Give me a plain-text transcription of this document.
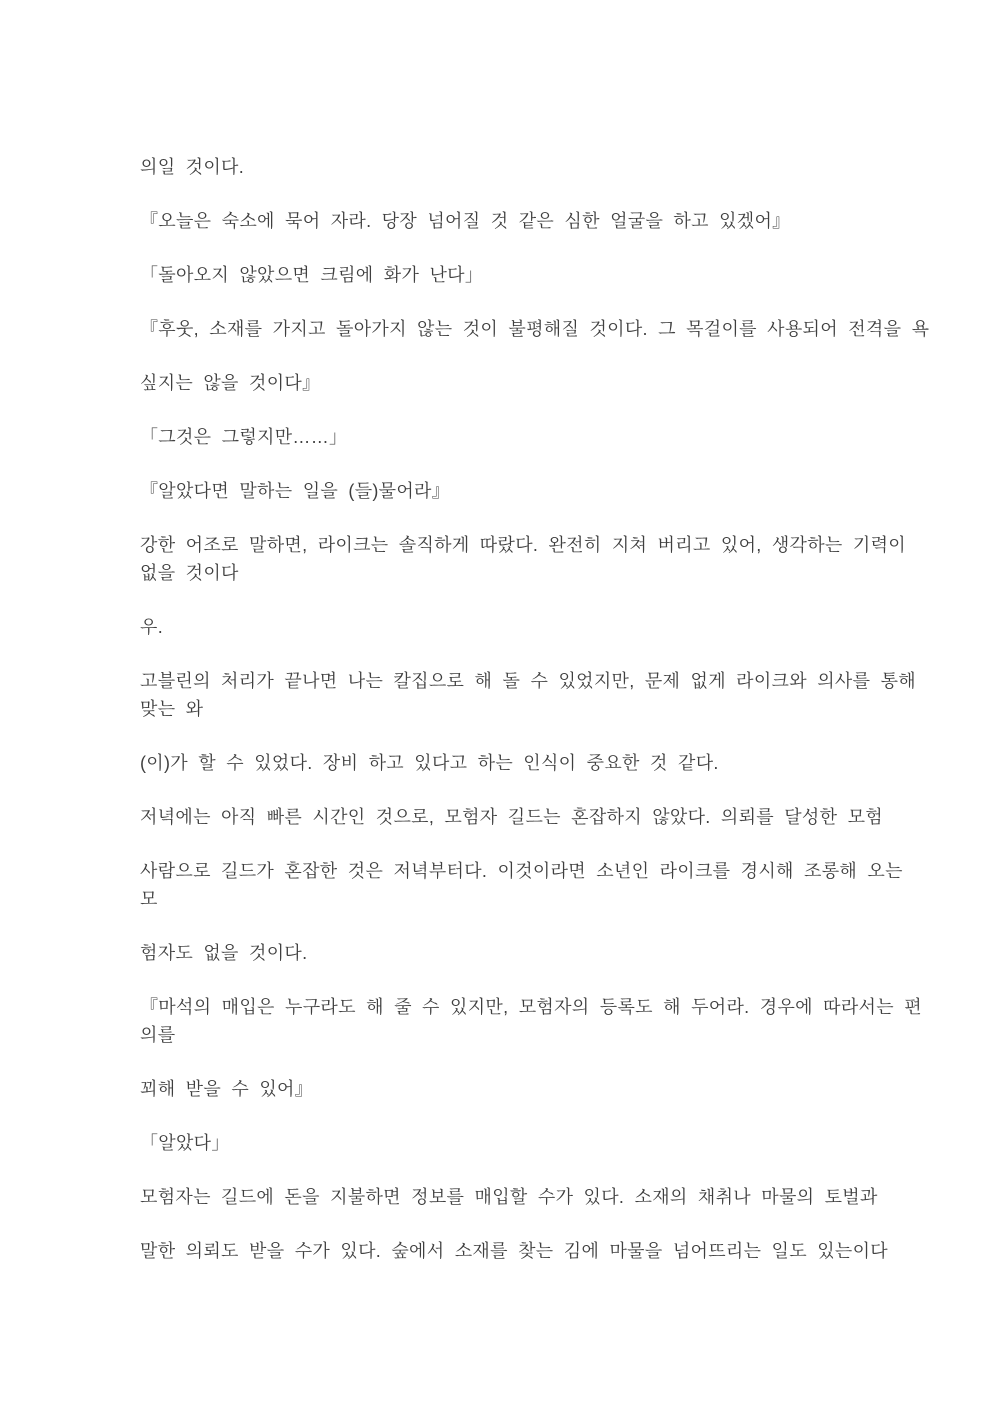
의일 것이다.
『오늘은 숙소에 묵어 자라. 당장 넘어질 것 같은 심한 얼굴을 하고 있겠어』
「돌아오지 않았으면 크림에 화가 난다」
『후웃, 소재를 가지고 돌아가지 않는 것이 불평해질 것이다. 그 목걸이를 사용되어 전격을 욕
싶지는 않을 것이다』
「그것은 그렇지만……」
『알았다면 말하는 일을 (들)물어라』
강한 어조로 말하면, 라이크는 솔직하게 따랐다. 완전히 지쳐 버리고 있어, 생각하는 기력이
없을 것이다
우.
고블린의 처리가 끝나면 나는 칼집으로 해 돌 수 있었지만, 문제 없게 라이크와 의사를 통해
맞는 와
(이)가 할 수 있었다. 장비 하고 있다고 하는 인식이 중요한 것 같다.
저녁에는 아직 빠른 시간인 것으로, 모험자 길드는 혼잡하지 않았다. 의뢰를 달성한 모험
사람으로 길드가 혼잡한 것은 저녁부터다. 이것이라면 소년인 라이크를 경시해 조롱해 오는
모
험자도 없을 것이다.
『마석의 매입은 누구라도 해 줄 수 있지만, 모험자의 등록도 해 두어라. 경우에 따라서는 편
의를
꾀해 받을 수 있어』
「알았다」
모험자는 길드에 돈을 지불하면 정보를 매입할 수가 있다. 소재의 채취나 마물의 토벌과
말한 의뢰도 받을 수가 있다. 숲에서 소재를 찾는 김에 마물을 넘어뜨리는 일도 있는이다
